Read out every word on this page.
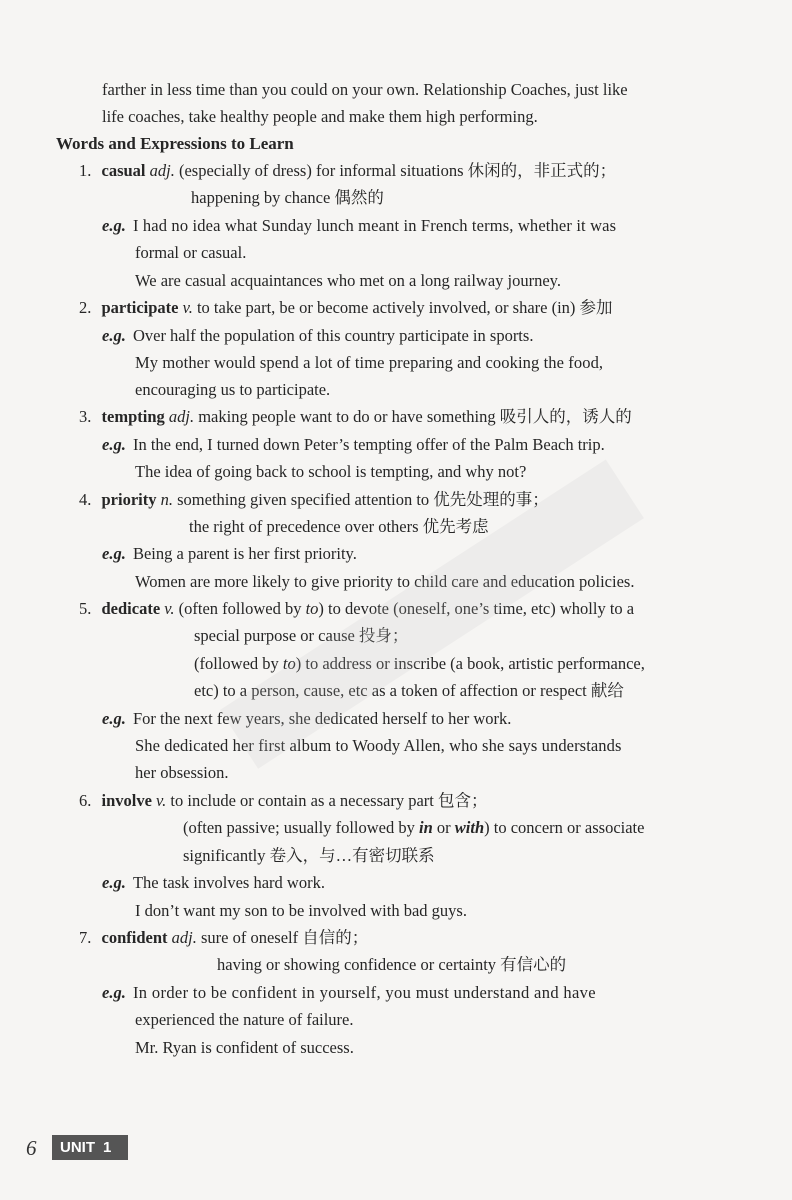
farther in less time than you could on your own. Relationship Coaches, just like
life coaches, take healthy people and make them high performing.
Words and Expressions to Learn
1. casual adj. (especially of dress) for informal situations 休闲的，非正式的；
happening by chance 偶然的
e.g. I had no idea what Sunday lunch meant in French terms, whether it was
formal or casual.
We are casual acquaintances who met on a long railway journey.
2. participate v. to take part, be or become actively involved, or share (in) 参加
e.g. Over half the population of this country participate in sports.
My mother would spend a lot of time preparing and cooking the food,
encouraging us to participate.
3. tempting adj. making people want to do or have something 吸引人的，诱人的
e.g. In the end, I turned down Peter’s tempting offer of the Palm Beach trip.
The idea of going back to school is tempting, and why not?
4. priority n. something given specified attention to 优先处理的事；
the right of precedence over others 优先考虑
e.g. Being a parent is her first priority.
Women are more likely to give priority to child care and education policies.
5. dedicate v. (often followed by to) to devote (oneself, one’s time, etc) wholly to a
special purpose or cause 投身；
(followed by to) to address or inscribe (a book, artistic performance,
etc) to a person, cause, etc as a token of affection or respect 献给
e.g. For the next few years, she dedicated herself to her work.
She dedicated her first album to Woody Allen, who she says understands
her obsession.
6. involve v. to include or contain as a necessary part 包含；
(often passive; usually followed by in or with) to concern or associate
significantly 卷入，与…有密切联系
e.g. The task involves hard work.
I don’t want my son to be involved with bad guys.
7. confident adj. sure of oneself 自信的；
having or showing confidence or certainty 有信心的
e.g. In order to be confident in yourself, you must understand and have
experienced the nature of failure.
Mr. Ryan is confident of success.
6	UNIT 1
